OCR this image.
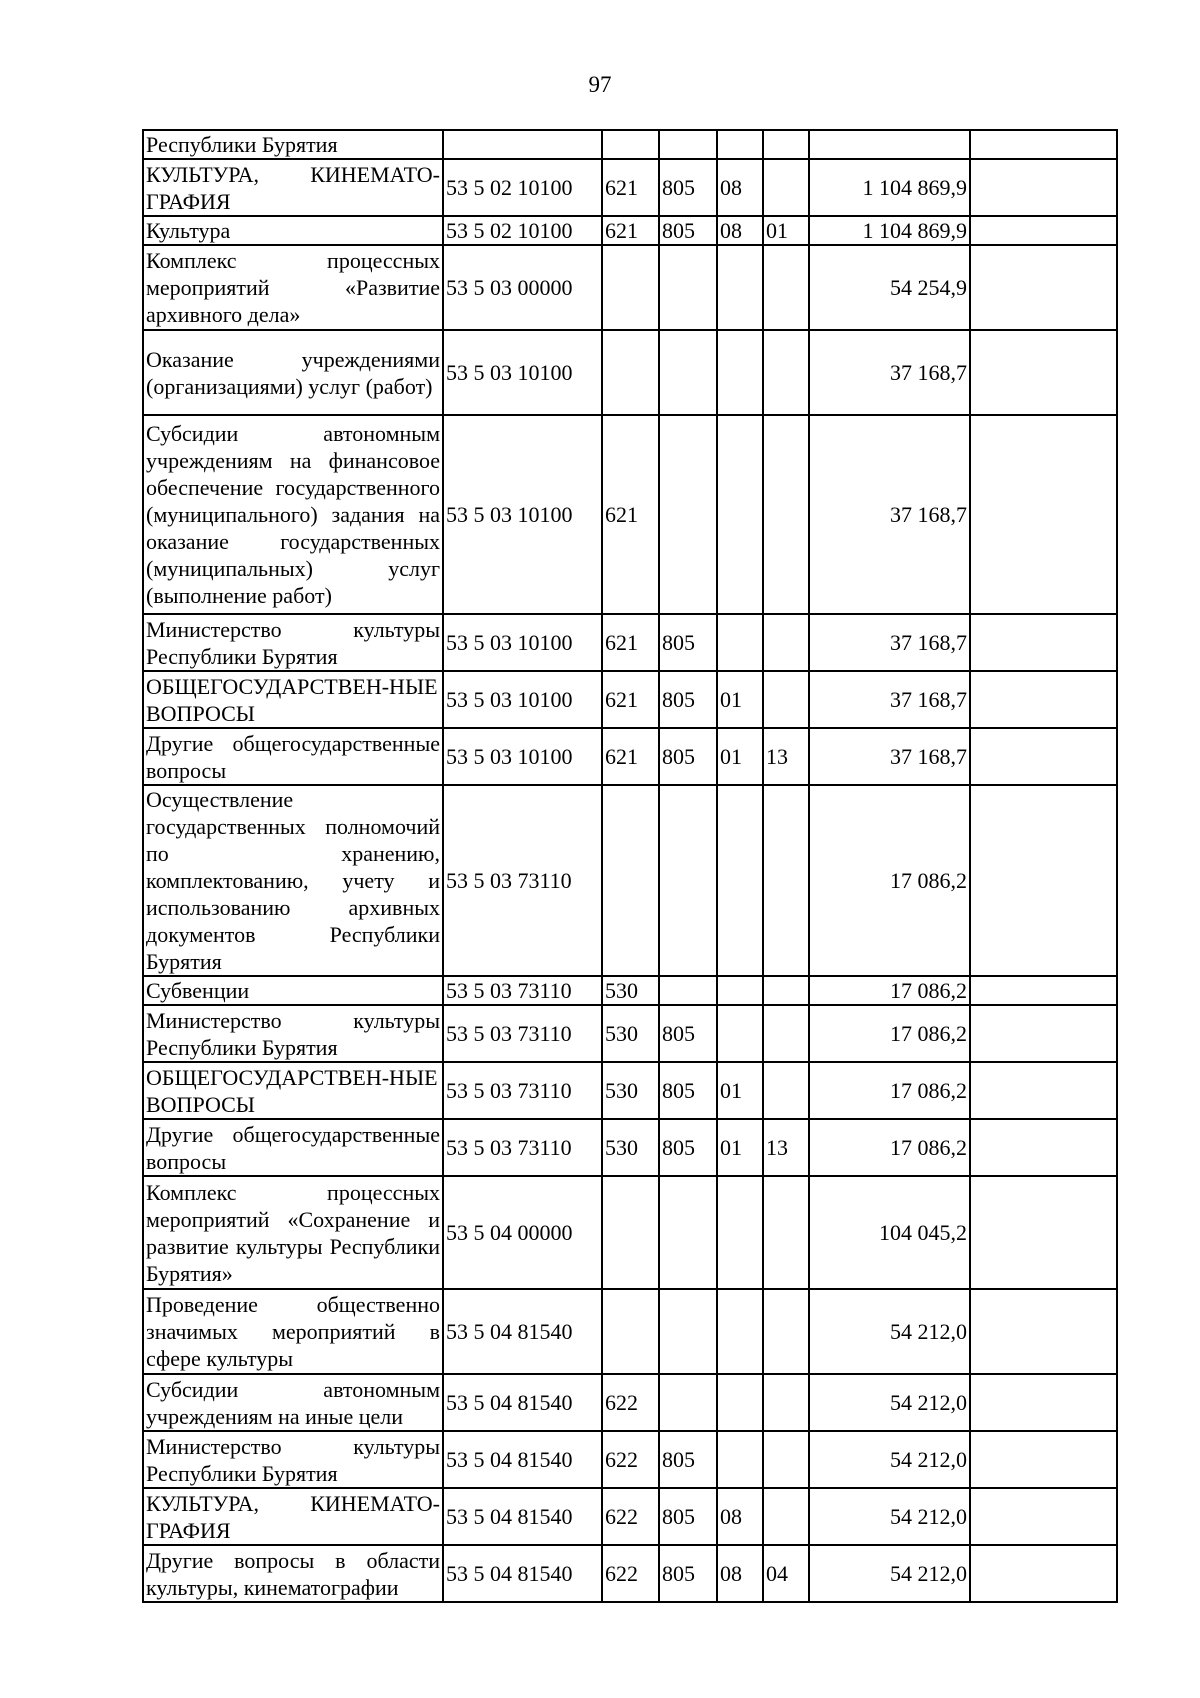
97
Республики Бурятия							
КУЛЬТУРА, КИНЕМАТО-ГРАФИЯ	53 5 02 10100	621	805	08		1 104 869,9	
Культура	53 5 02 10100	621	805	08	01	1 104 869,9	
Комплекс процессных мероприятий «Развитие архивного дела»	53 5 03 00000					54 254,9	
Оказание учреждениями (организациями) услуг (работ)	53 5 03 10100					37 168,7	
Субсидии автономным учреждениям на финансовое обеспечение государственного (муниципального) задания на оказание государственных (муниципальных) услуг (выполнение работ)	53 5 03 10100	621				37 168,7	
Министерство культуры Республики Бурятия	53 5 03 10100	621	805			37 168,7	
ОБЩЕГОСУДАРСТВЕН-НЫЕ ВОПРОСЫ	53 5 03 10100	621	805	01		37 168,7	
Другие общегосударственные вопросы	53 5 03 10100	621	805	01	13	37 168,7	
Осуществление государственных полномочий по хранению, комплектованию, учету и использованию архивных документов Республики Бурятия	53 5 03 73110					17 086,2	
Субвенции	53 5 03 73110	530				17 086,2	
Министерство культуры Республики Бурятия	53 5 03 73110	530	805			17 086,2	
ОБЩЕГОСУДАРСТВЕН-НЫЕ ВОПРОСЫ	53 5 03 73110	530	805	01		17 086,2	
Другие общегосударственные вопросы	53 5 03 73110	530	805	01	13	17 086,2	
Комплекс процессных мероприятий «Сохранение и развитие культуры Республики Бурятия»	53 5 04 00000					104 045,2	
Проведение общественно значимых мероприятий в сфере культуры	53 5 04 81540					54 212,0	
Субсидии автономным учреждениям на иные цели	53 5 04 81540	622				54 212,0	
Министерство культуры Республики Бурятия	53 5 04 81540	622	805			54 212,0	
КУЛЬТУРА, КИНЕМАТО-ГРАФИЯ	53 5 04 81540	622	805	08		54 212,0	
Другие вопросы в области культуры, кинематографии	53 5 04 81540	622	805	08	04	54 212,0	
